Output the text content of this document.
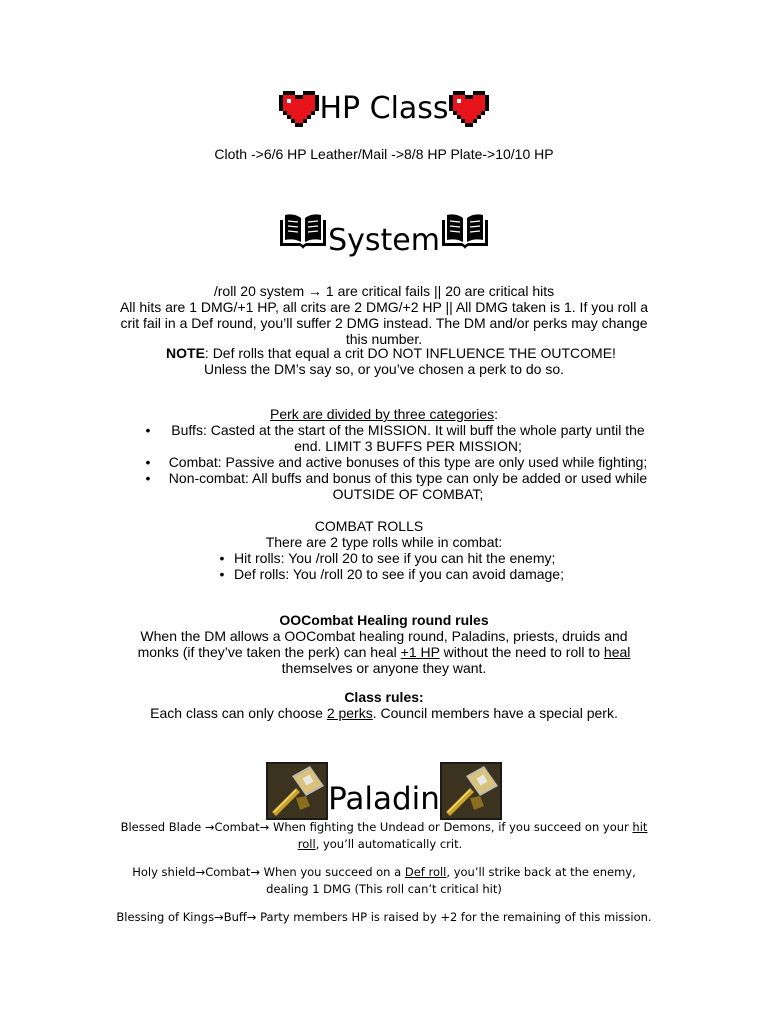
HP Class
Cloth ->6/6 HP Leather/Mail ->8/8 HP Plate->10/10 HP
System
/roll 20 system → 1 are critical fails || 20 are critical hits
All hits are 1 DMG/+1 HP, all crits are 2 DMG/+2 HP || All DMG taken is 1. If you roll a
crit fail in a Def round, you’ll suffer 2 DMG instead. The DM and/or perks may change
this number.
NOTE: Def rolls that equal a crit DO NOT INFLUENCE THE OUTCOME!
Unless the DM’s say so, or you’ve chosen a perk to do so.
Perk are divided by three categories:
•	Buffs: Casted at the start of the MISSION. It will buff the whole party until the
end. LIMIT 3 BUFFS PER MISSION;
•	Combat: Passive and active bonuses of this type are only used while fighting;
•	Non-combat: All buffs and bonus of this type can only be added or used while
OUTSIDE OF COMBAT;
COMBAT ROLLS
There are 2 type rolls while in combat:
• Hit rolls: You /roll 20 to see if you can hit the enemy;
• Def rolls: You /roll 20 to see if you can avoid damage;
OOCombat Healing round rules
When the DM allows a OOCombat healing round, Paladins, priests, druids and
monks (if they’ve taken the perk) can heal +1 HP without the need to roll to heal
themselves or anyone they want.
Class rules:
Each class can only choose 2 perks. Council members have a special perk.
Paladin
Blessed Blade →Combat→ When fighting the Undead or Demons, if you succeed on your hit
roll, you’ll automatically crit.
Holy shield→Combat→ When you succeed on a Def roll, you’ll strike back at the enemy,
dealing 1 DMG (This roll can’t critical hit)
Blessing of Kings→Buff→ Party members HP is raised by +2 for the remaining of this mission.
